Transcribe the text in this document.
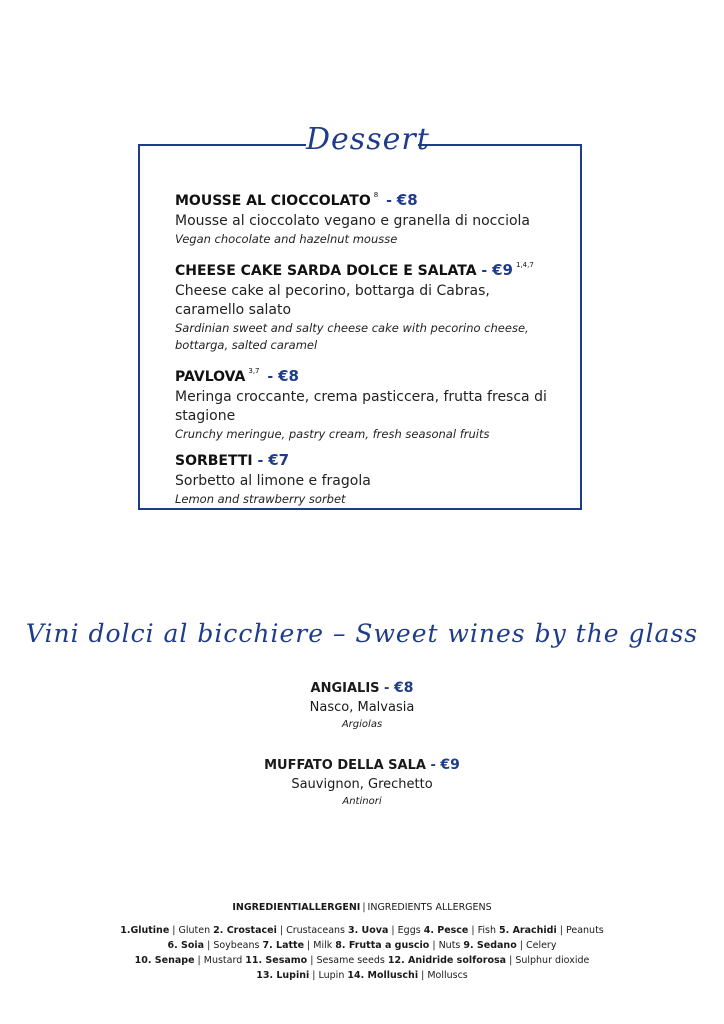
Dessert
MOUSSE AL CIOCCOLATO $^8$ - €8
Mousse al cioccolato vegano e granella di nocciola
Vegan chocolate and hazelnut mousse
CHEESE CAKE SARDA DOLCE E SALATA - €9 $^{1,4,7}$
Cheese cake al pecorino, bottarga di Cabras, caramello salato
Sardinian sweet and salty cheese cake with pecorino cheese, bottarga, salted caramel
PAVLOVA $^{3,7}$ - €8
Meringa croccante, crema pasticcera, frutta fresca di stagione
Crunchy meringue, pastry cream, fresh seasonal fruits
SORBETTI - €7
Sorbetto al limone e fragola
Lemon and strawberry sorbet
Vini dolci al bicchiere – Sweet wines by the glass
ANGIALIS - €8
Nasco, Malvasia
Argiolas
MUFFATO DELLA SALA - €9
Sauvignon, Grechetto
Antinori
INGREDIENTIALLERGENI | INGREDIENTS ALLERGENS
1.Glutine | Gluten 2. Crostacei | Crustaceans 3. Uova | Eggs 4. Pesce | Fish 5. Arachidi | Peanuts
6. Soia | Soybeans 7. Latte | Milk 8. Frutta a guscio | Nuts 9. Sedano | Celery
10. Senape | Mustard 11. Sesamo | Sesame seeds 12. Anidride solforosa | Sulphur dioxide
13. Lupini | Lupin 14. Molluschi | Molluscs
